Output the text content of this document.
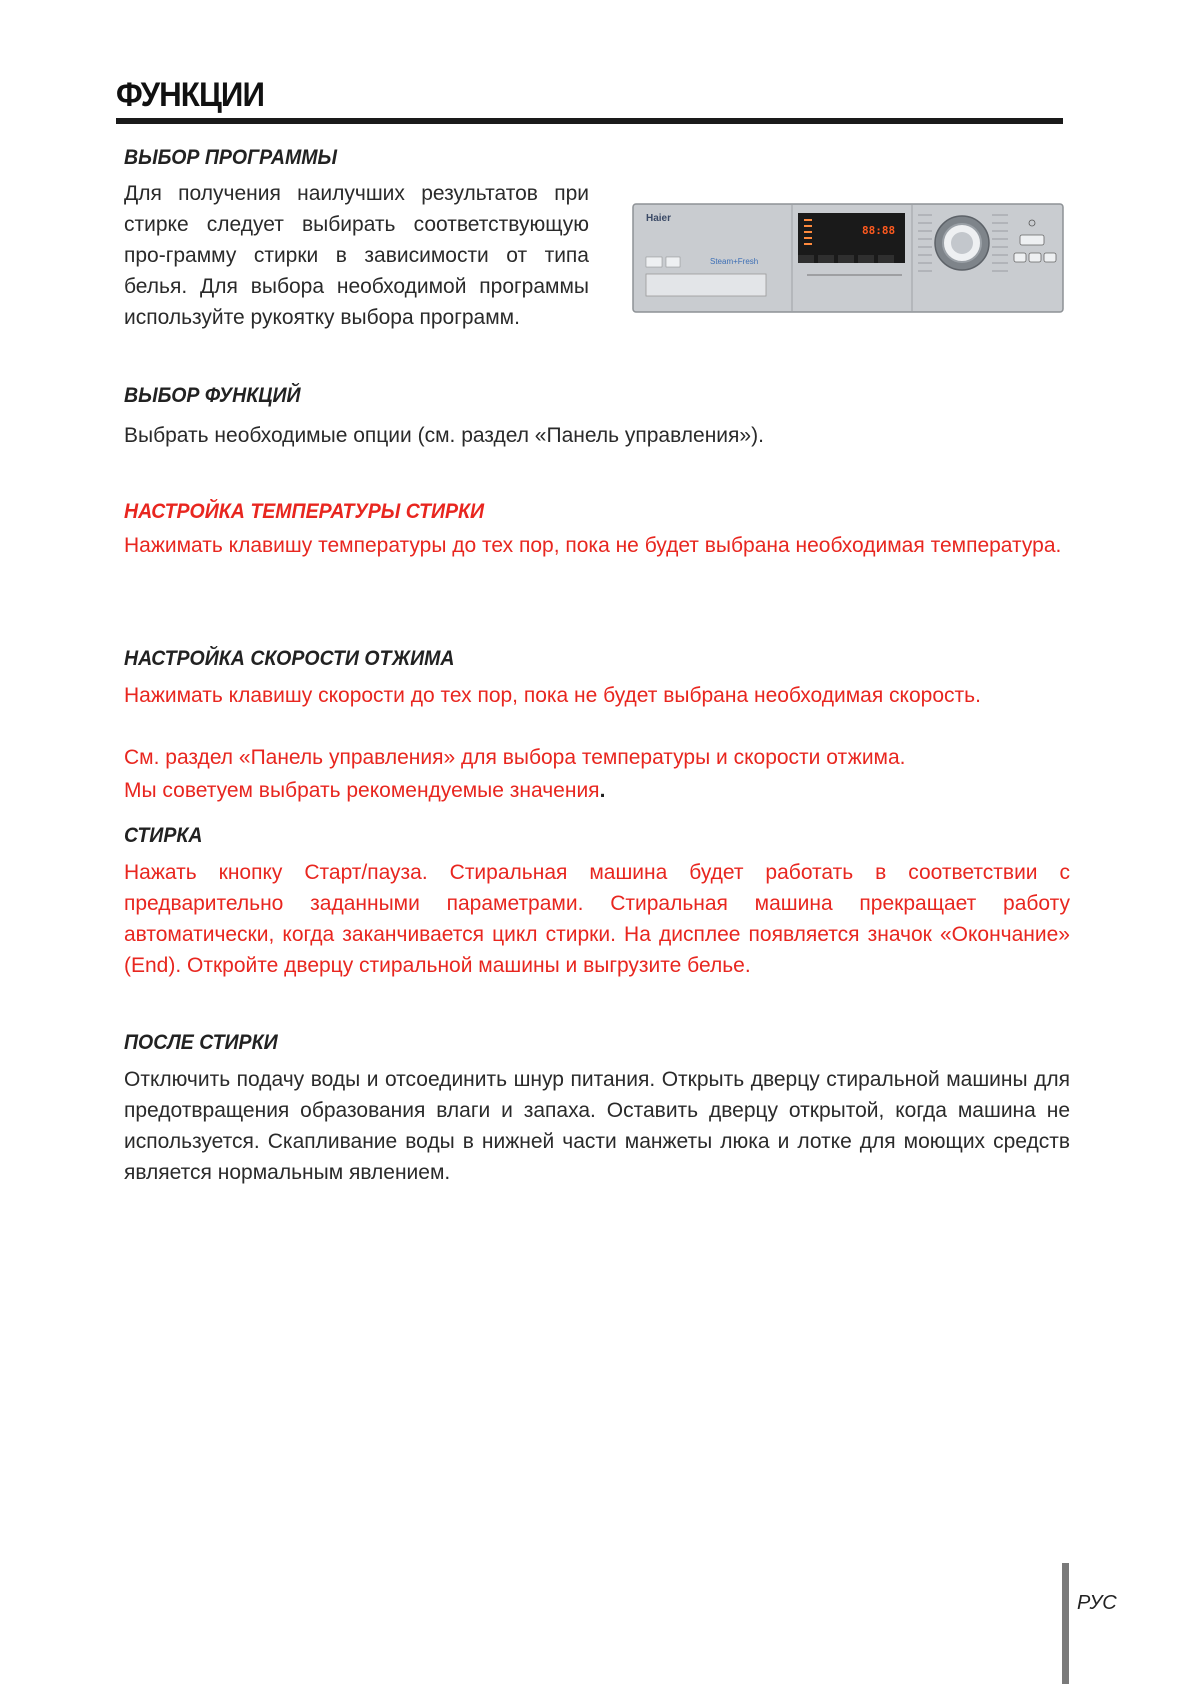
ФУНКЦИИ
ВЫБОР ПРОГРАММЫ

Для получения наилучших результатов при стирке следует выбирать соответствующую про-грамму стирки в зависимости от типа белья. Для выбора необходимой программы используйте рукоятку выбора программ.

Haier
Steam+Fresh
88:88
ВЫБОР ФУНКЦИЙ

Выбрать необходимые опции (см. раздел «Панель управления»).

НАСТРОЙКА ТЕМПЕРАТУРЫ СТИРКИ

Нажимать клавишу температуры до тех пор, пока не будет выбрана необходимая температура.

НАСТРОЙКА СКОРОСТИ ОТЖИМА

Нажимать клавишу скорости до тех пор, пока не будет выбрана необходимая скорость.

См. раздел «Панель управления» для выбора температуры и скорости отжима.

Мы советуем выбрать рекомендуемые значения.

СТИРКА

Нажать кнопку Старт/пауза. Стиральная машина будет работать в соответствии с предварительно заданными параметрами. Стиральная машина прекращает работу автоматически, когда заканчивается цикл стирки. На дисплее появляется значок «Окончание» (End). Откройте дверцу стиральной машины и выгрузите белье.

ПОСЛЕ СТИРКИ

Отключить подачу воды и отсоединить шнур питания. Открыть дверцу стиральной машины для предотвращения образования влаги и запаха. Оставить дверцу открытой, когда машина не используется. Скапливание воды в нижней части манжеты люка и лотке для моющих средств является нормальным явлением.

РУС
